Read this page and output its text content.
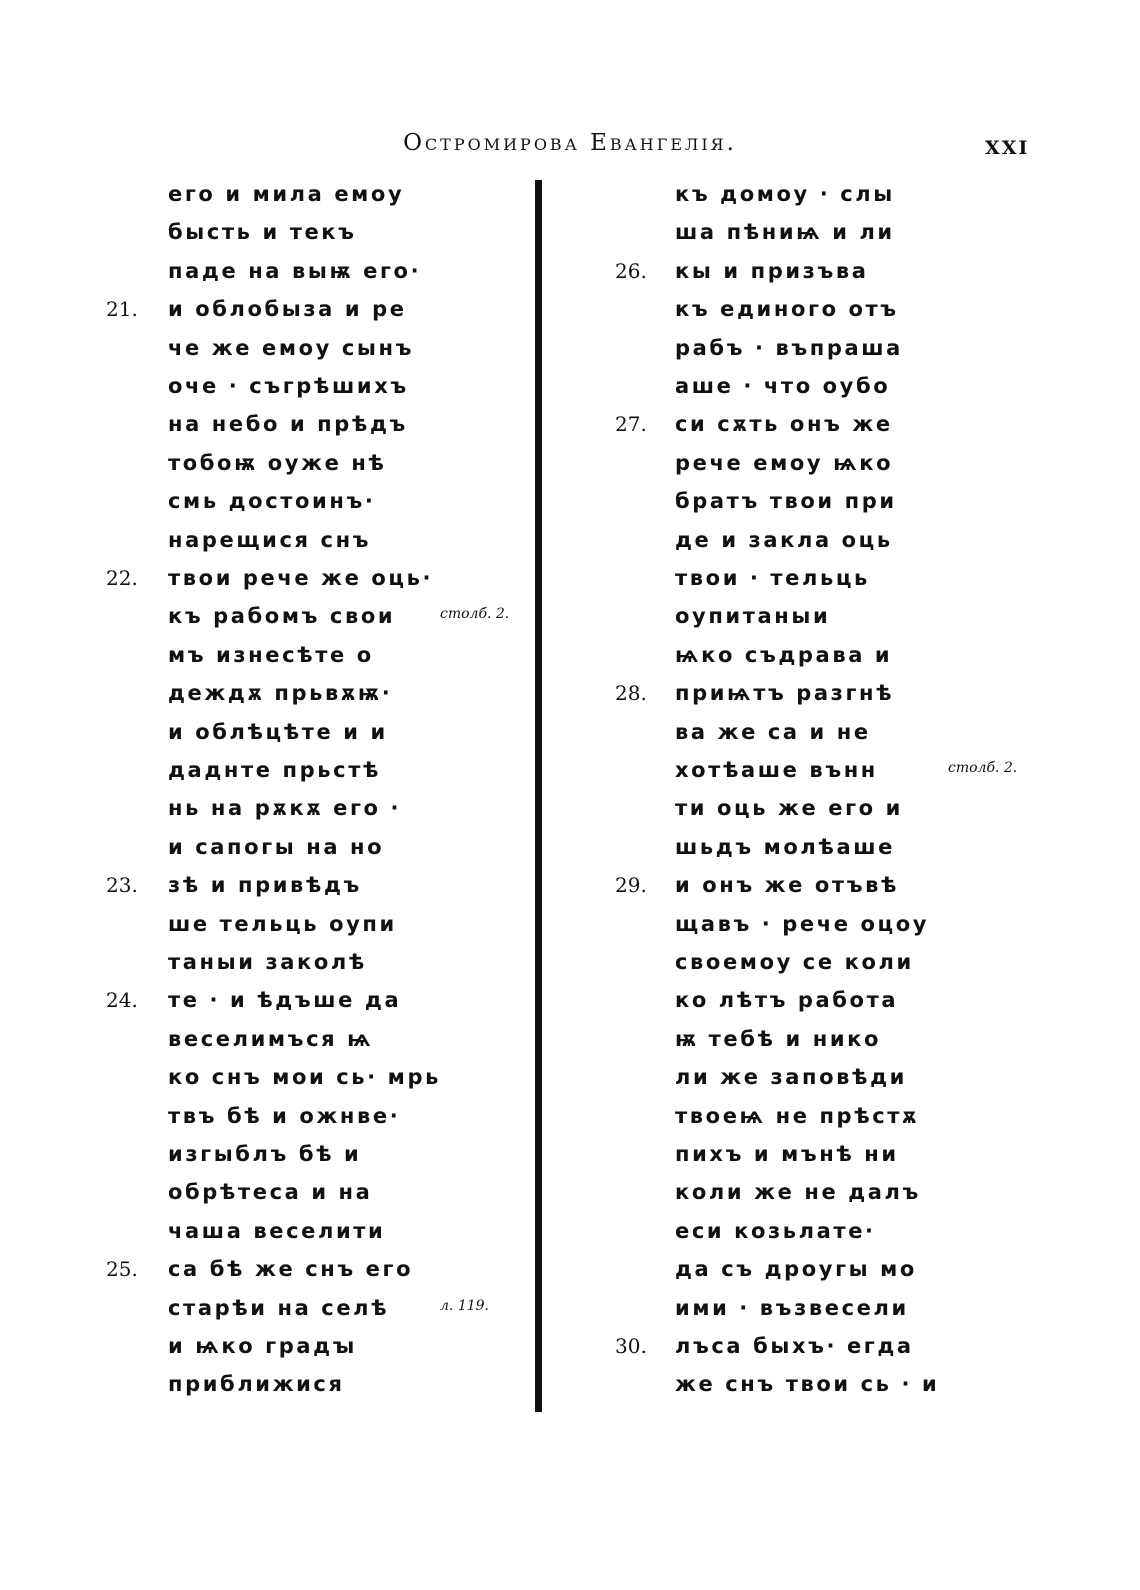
Остромирова Евангелія.	XXI
его и мила емоу
бысть и текъ
паде на выѭ его·
и облобыза и ре
че же емоу сынъ
оче · съгрѣшихъ
на небо и прѣдъ
тобоѭ оуже нѣ
смь достоинъ·
нарещися снъ
твои рече же оць·
къ рабомъ свои
мъ изнесѣте о
деждѫ прьвѫѭ·
и облѣцѣте и и
даднте прьстѣ
нь на рѫкѫ его ·
и сапогы на но
зѣ и привѣдъ
ше тельць оупи
таныи заколѣ
те · и ѣдъше да
веселимъся ѩ
ко снъ мои сь· мрь
твъ бѣ и ожнве·
изгыблъ бѣ и
обрѣтеса и на
чаша веселити
са бѣ же снъ его
старѣи на селѣ
и ѩко градꙑ
приближися
21.
22.
23.
24.
25.
къ домоу · слы
ша пѣниѩ и ли
кы и призъва
къ единого отъ
рабъ · въпраша
аше · что оубо
си сѫть онъ же
рече емоу ѩко
братъ твои при
де и закла оць
твои · тельць
оупитаныи
ѩко съдрава и
приѩтъ разгнѣ
ва же са и не
хотѣаше вънн
ти оць же его и
шьдъ молѣаше
и онъ же отъвѣ
щавъ · рече оцоу
своемоу се коли
ко лѣтъ работа
ѭ тебѣ и нико
ли же заповѣди
твоеѩ не прѣстѫ
пихъ и мънѣ ни
коли же не далъ
еси козьлате·
да съ дроугы мо
ими · възвесели
лъса быхъ· егда
же снъ твои сь · и
26.
27.
28.
29.
30.
столб. 2.
л. 119.
столб. 2.
